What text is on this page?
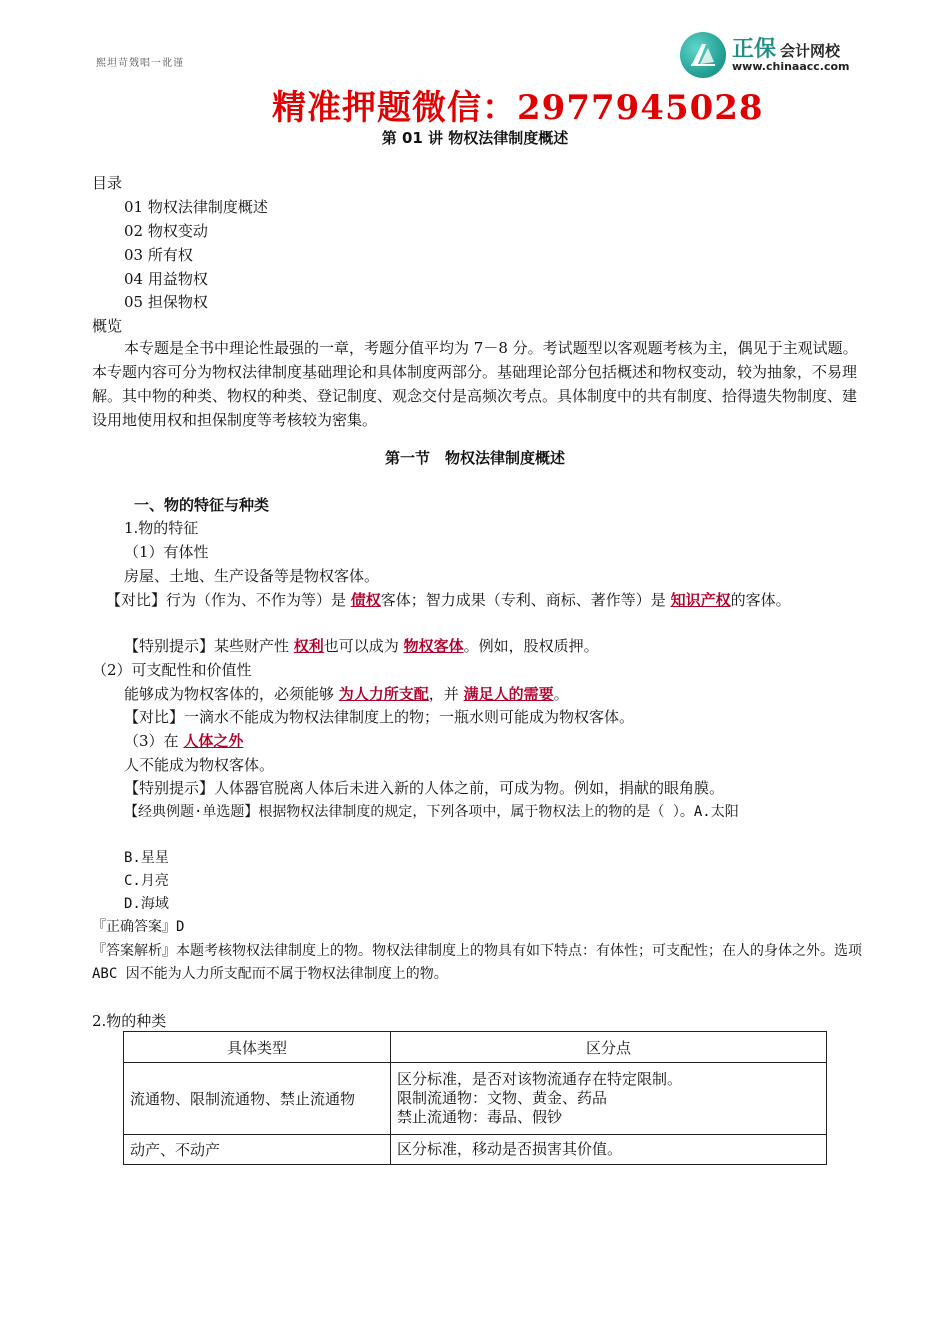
熙坦苛戣唱一讹谨
正保 会计网校
www.chinaacc.com
精准押题微信：2977945028
第 01 讲 物权法律制度概述
目录
01 物权法律制度概述
02 物权变动
03 所有权
04 用益物权
05 担保物权
概览
本专题是全书中理论性最强的一章，考题分值平均为 7－8 分。考试题型以客观题考核为主，偶见于主观试题。本专题内容可分为物权法律制度基础理论和具体制度两部分。基础理论部分包括概述和物权变动，较为抽象，不易理解。其中物的种类、物权的种类、登记制度、观念交付是高频次考点。具体制度中的共有制度、拾得遗失物制度、建设用地使用权和担保制度等考核较为密集。
第一节　物权法律制度概述
一、物的特征与种类
1.物的特征
（1）有体性
房屋、土地、生产设备等是物权客体。
【对比】行为（作为、不作为等）是 债权客体；智力成果（专利、商标、著作等）是 知识产权的客体。
【特别提示】某些财产性 权利也可以成为 物权客体。例如，股权质押。
（2）可支配性和价值性
能够成为物权客体的，必须能够 为人力所支配，并 满足人的需要。
【对比】一滴水不能成为物权法律制度上的物；一瓶水则可能成为物权客体。
（3）在 人体之外
人不能成为物权客体。
【特别提示】人体器官脱离人体后未进入新的人体之前，可成为物。例如，捐献的眼角膜。
【经典例题·单选题】根据物权法律制度的规定，下列各项中，属于物权法上的物的是（ ）。A.太阳
B.星星
C.月亮
D.海域
『正确答案』D
『答案解析』本题考核物权法律制度上的物。物权法律制度上的物具有如下特点：有体性；可支配性；在人的身体之外。选项 ABC 因不能为人力所支配而不属于物权法律制度上的物。
2.物的种类
具体类型	区分点
流通物、限制流通物、禁止流通物	区分标准，是否对该物流通存在特定限制。
限制流通物：文物、黄金、药品
禁止流通物：毒品、假钞

动产、不动产	区分标准，移动是否损害其价值。
